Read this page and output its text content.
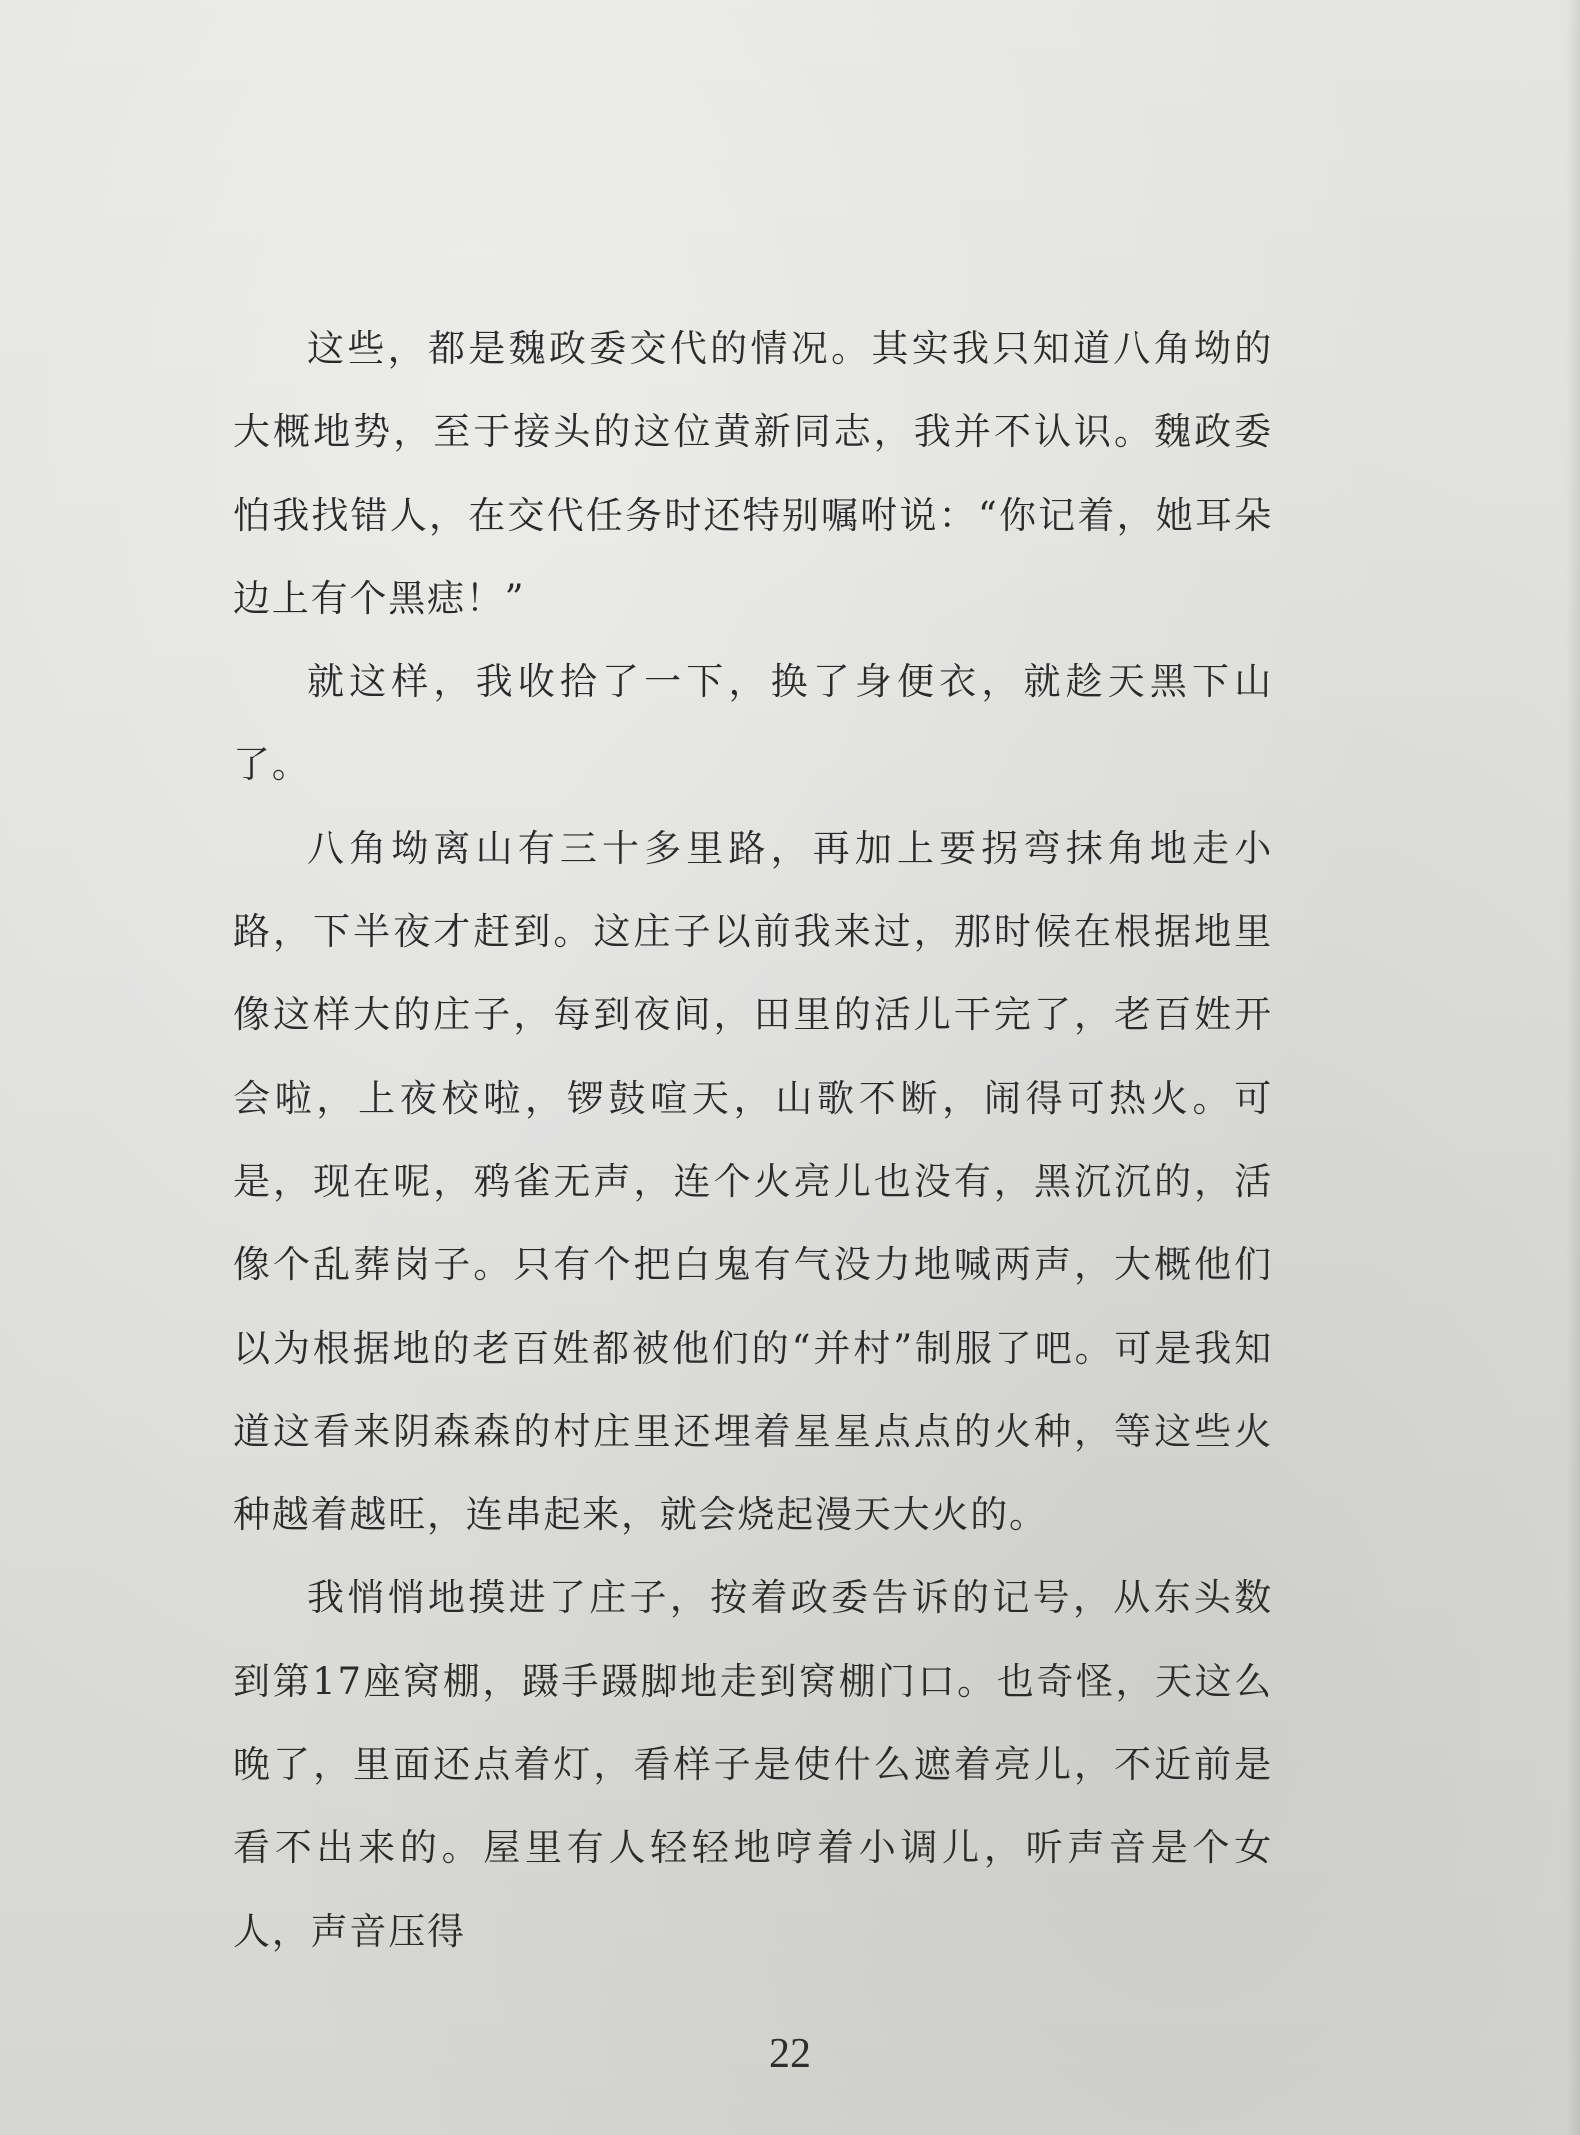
这些，都是魏政委交代的情况。其实我只知道八角坳的大概地势，至于接头的这位黄新同志，我并不认识。魏政委怕我找错人，在交代任务时还特别嘱咐说：“你记着，她耳朵边上有个黑痣！”

就这样，我收拾了一下，换了身便衣，就趁天黑下山了。

八角坳离山有三十多里路，再加上要拐弯抹角地走小路，下半夜才赶到。这庄子以前我来过，那时候在根据地里像这样大的庄子，每到夜间，田里的活儿干完了，老百姓开会啦，上夜校啦，锣鼓喧天，山歌不断，闹得可热火。可是，现在呢，鸦雀无声，连个火亮儿也没有，黑沉沉的，活像个乱葬岗子。只有个把白鬼有气没力地喊两声，大概他们以为根据地的老百姓都被他们的“并村”制服了吧。可是我知道这看来阴森森的村庄里还埋着星星点点的火种，等这些火种越着越旺，连串起来，就会烧起漫天大火的。

我悄悄地摸进了庄子，按着政委告诉的记号，从东头数到第17座窝棚，蹑手蹑脚地走到窝棚门口。也奇怪，天这么晚了，里面还点着灯，看样子是使什么遮着亮儿，不近前是看不出来的。屋里有人轻轻地哼着小调儿，听声音是个女人，声音压得

22
